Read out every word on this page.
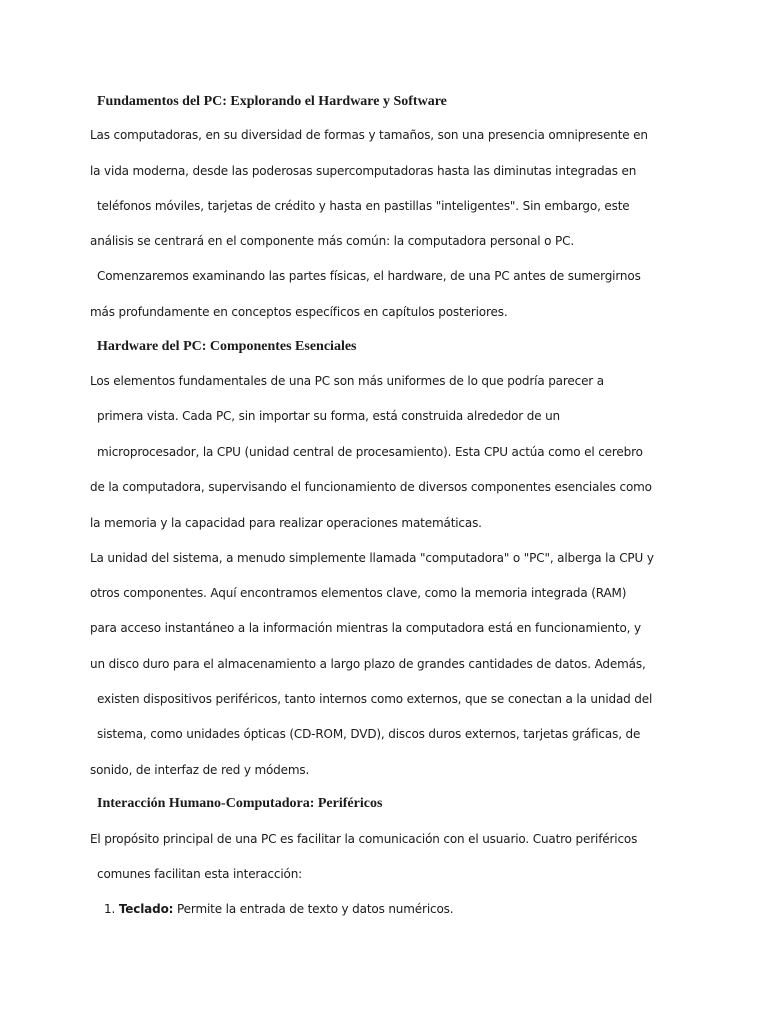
Fundamentos del PC: Explorando el Hardware y Software
Las computadoras, en su diversidad de formas y tamaños, son una presencia omnipresente en
la vida moderna, desde las poderosas supercomputadoras hasta las diminutas integradas en
teléfonos móviles, tarjetas de crédito y hasta en pastillas "inteligentes". Sin embargo, este
análisis se centrará en el componente más común: la computadora personal o PC.
Comenzaremos examinando las partes físicas, el hardware, de una PC antes de sumergirnos
más profundamente en conceptos específicos en capítulos posteriores.
Hardware del PC: Componentes Esenciales
Los elementos fundamentales de una PC son más uniformes de lo que podría parecer a
primera vista. Cada PC, sin importar su forma, está construida alrededor de un
microprocesador, la CPU (unidad central de procesamiento). Esta CPU actúa como el cerebro
de la computadora, supervisando el funcionamiento de diversos componentes esenciales como
la memoria y la capacidad para realizar operaciones matemáticas.
La unidad del sistema, a menudo simplemente llamada "computadora" o "PC", alberga la CPU y
otros componentes. Aquí encontramos elementos clave, como la memoria integrada (RAM)
para acceso instantáneo a la información mientras la computadora está en funcionamiento, y
un disco duro para el almacenamiento a largo plazo de grandes cantidades de datos. Además,
existen dispositivos periféricos, tanto internos como externos, que se conectan a la unidad del
sistema, como unidades ópticas (CD-ROM, DVD), discos duros externos, tarjetas gráficas, de
sonido, de interfaz de red y módems.
Interacción Humano-Computadora: Periféricos
El propósito principal de una PC es facilitar la comunicación con el usuario. Cuatro periféricos
comunes facilitan esta interacción:
1. Teclado: Permite la entrada de texto y datos numéricos.
